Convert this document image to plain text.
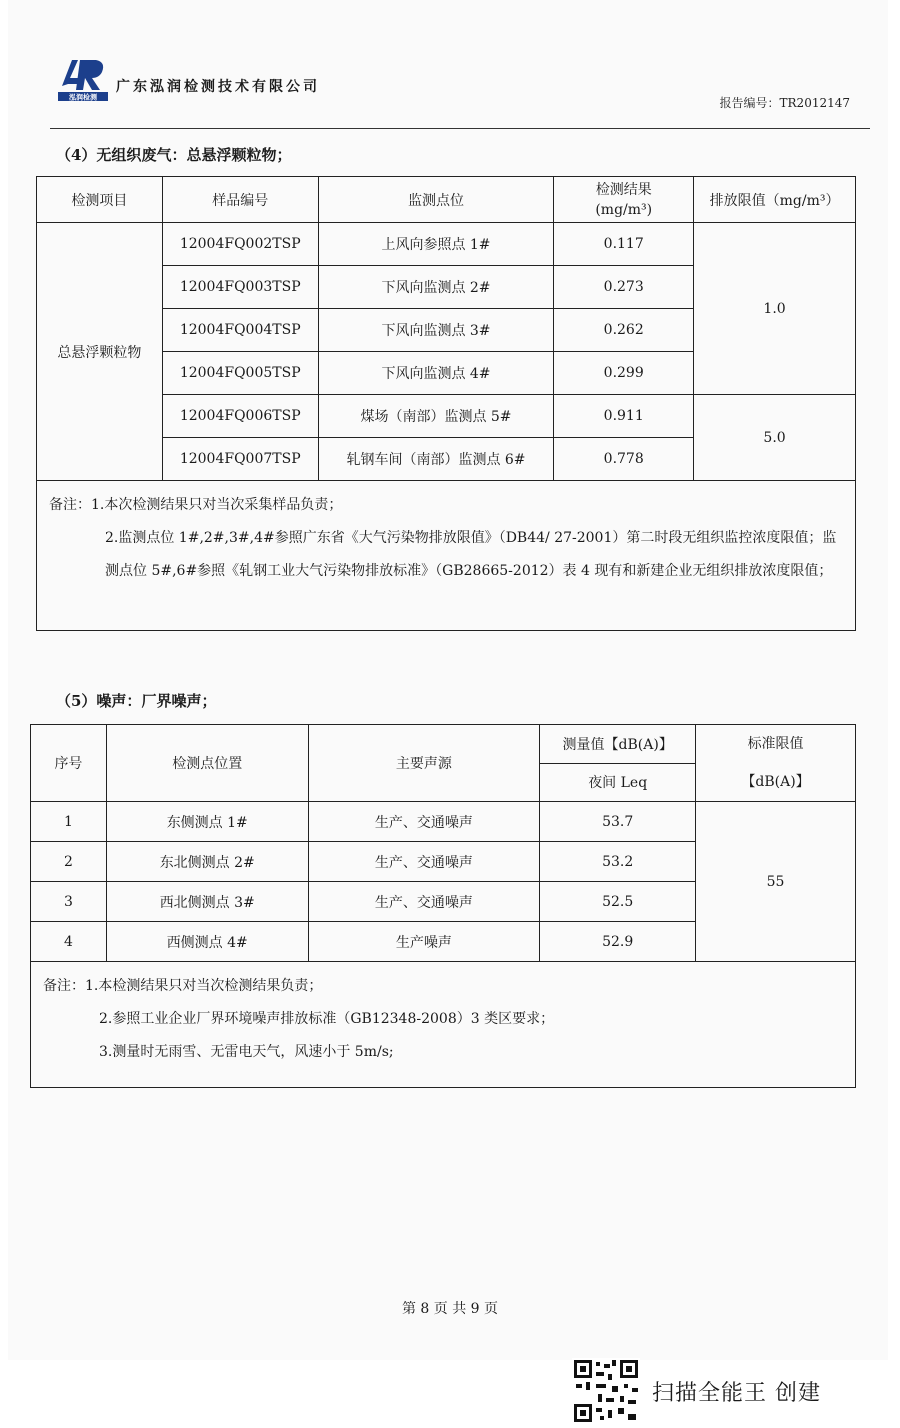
泓润检测
广东泓润检测技术有限公司
报告编号：TR2012147
（4）无组织废气：总悬浮颗粒物；
检测项目	样品编号	监测点位	检测结果
(mg/m³)	排放限值（mg/m³）
总悬浮颗粒物	12004FQ002TSP	上风向参照点 1#	0.117	1.0
	12004FQ003TSP	下风向监测点 2#	0.273	
	12004FQ004TSP	下风向监测点 3#	0.262	
	12004FQ005TSP	下风向监测点 4#	0.299	
	12004FQ006TSP	煤场（南部）监测点 5#	0.911	5.0
	12004FQ007TSP	轧钢车间（南部）监测点 6#	0.778	

备注：1.本次检测结果只对当次采集样品负责；
2.监测点位 1#,2#,3#,4#参照广东省《大气污染物排放限值》（DB44/ 27-2001）第二时段无组织监控浓度限值；监测点位 5#,6#参照《轧钢工业大气污染物排放标准》（GB28665-2012）表 4 现有和新建企业无组织排放浓度限值；				
（5）噪声：厂界噪声；
序号	检测点位置	主要声源	测量值【dB(A)】	标准限值
【dB(A)】

			夜间 Leq	
1	东侧测点 1#	生产、交通噪声	53.7	55
2	东北侧测点 2#	生产、交通噪声	53.2	
3	西北侧测点 3#	生产、交通噪声	52.5	
4	西侧测点 4#	生产噪声	52.9	

备注：1.本检测结果只对当次检测结果负责；
2.参照工业企业厂界环境噪声排放标准（GB12348-2008）3 类区要求；
3.测量时无雨雪、无雷电天气，风速小于 5m/s;				
第 8 页 共 9 页
扫描全能王 创建
